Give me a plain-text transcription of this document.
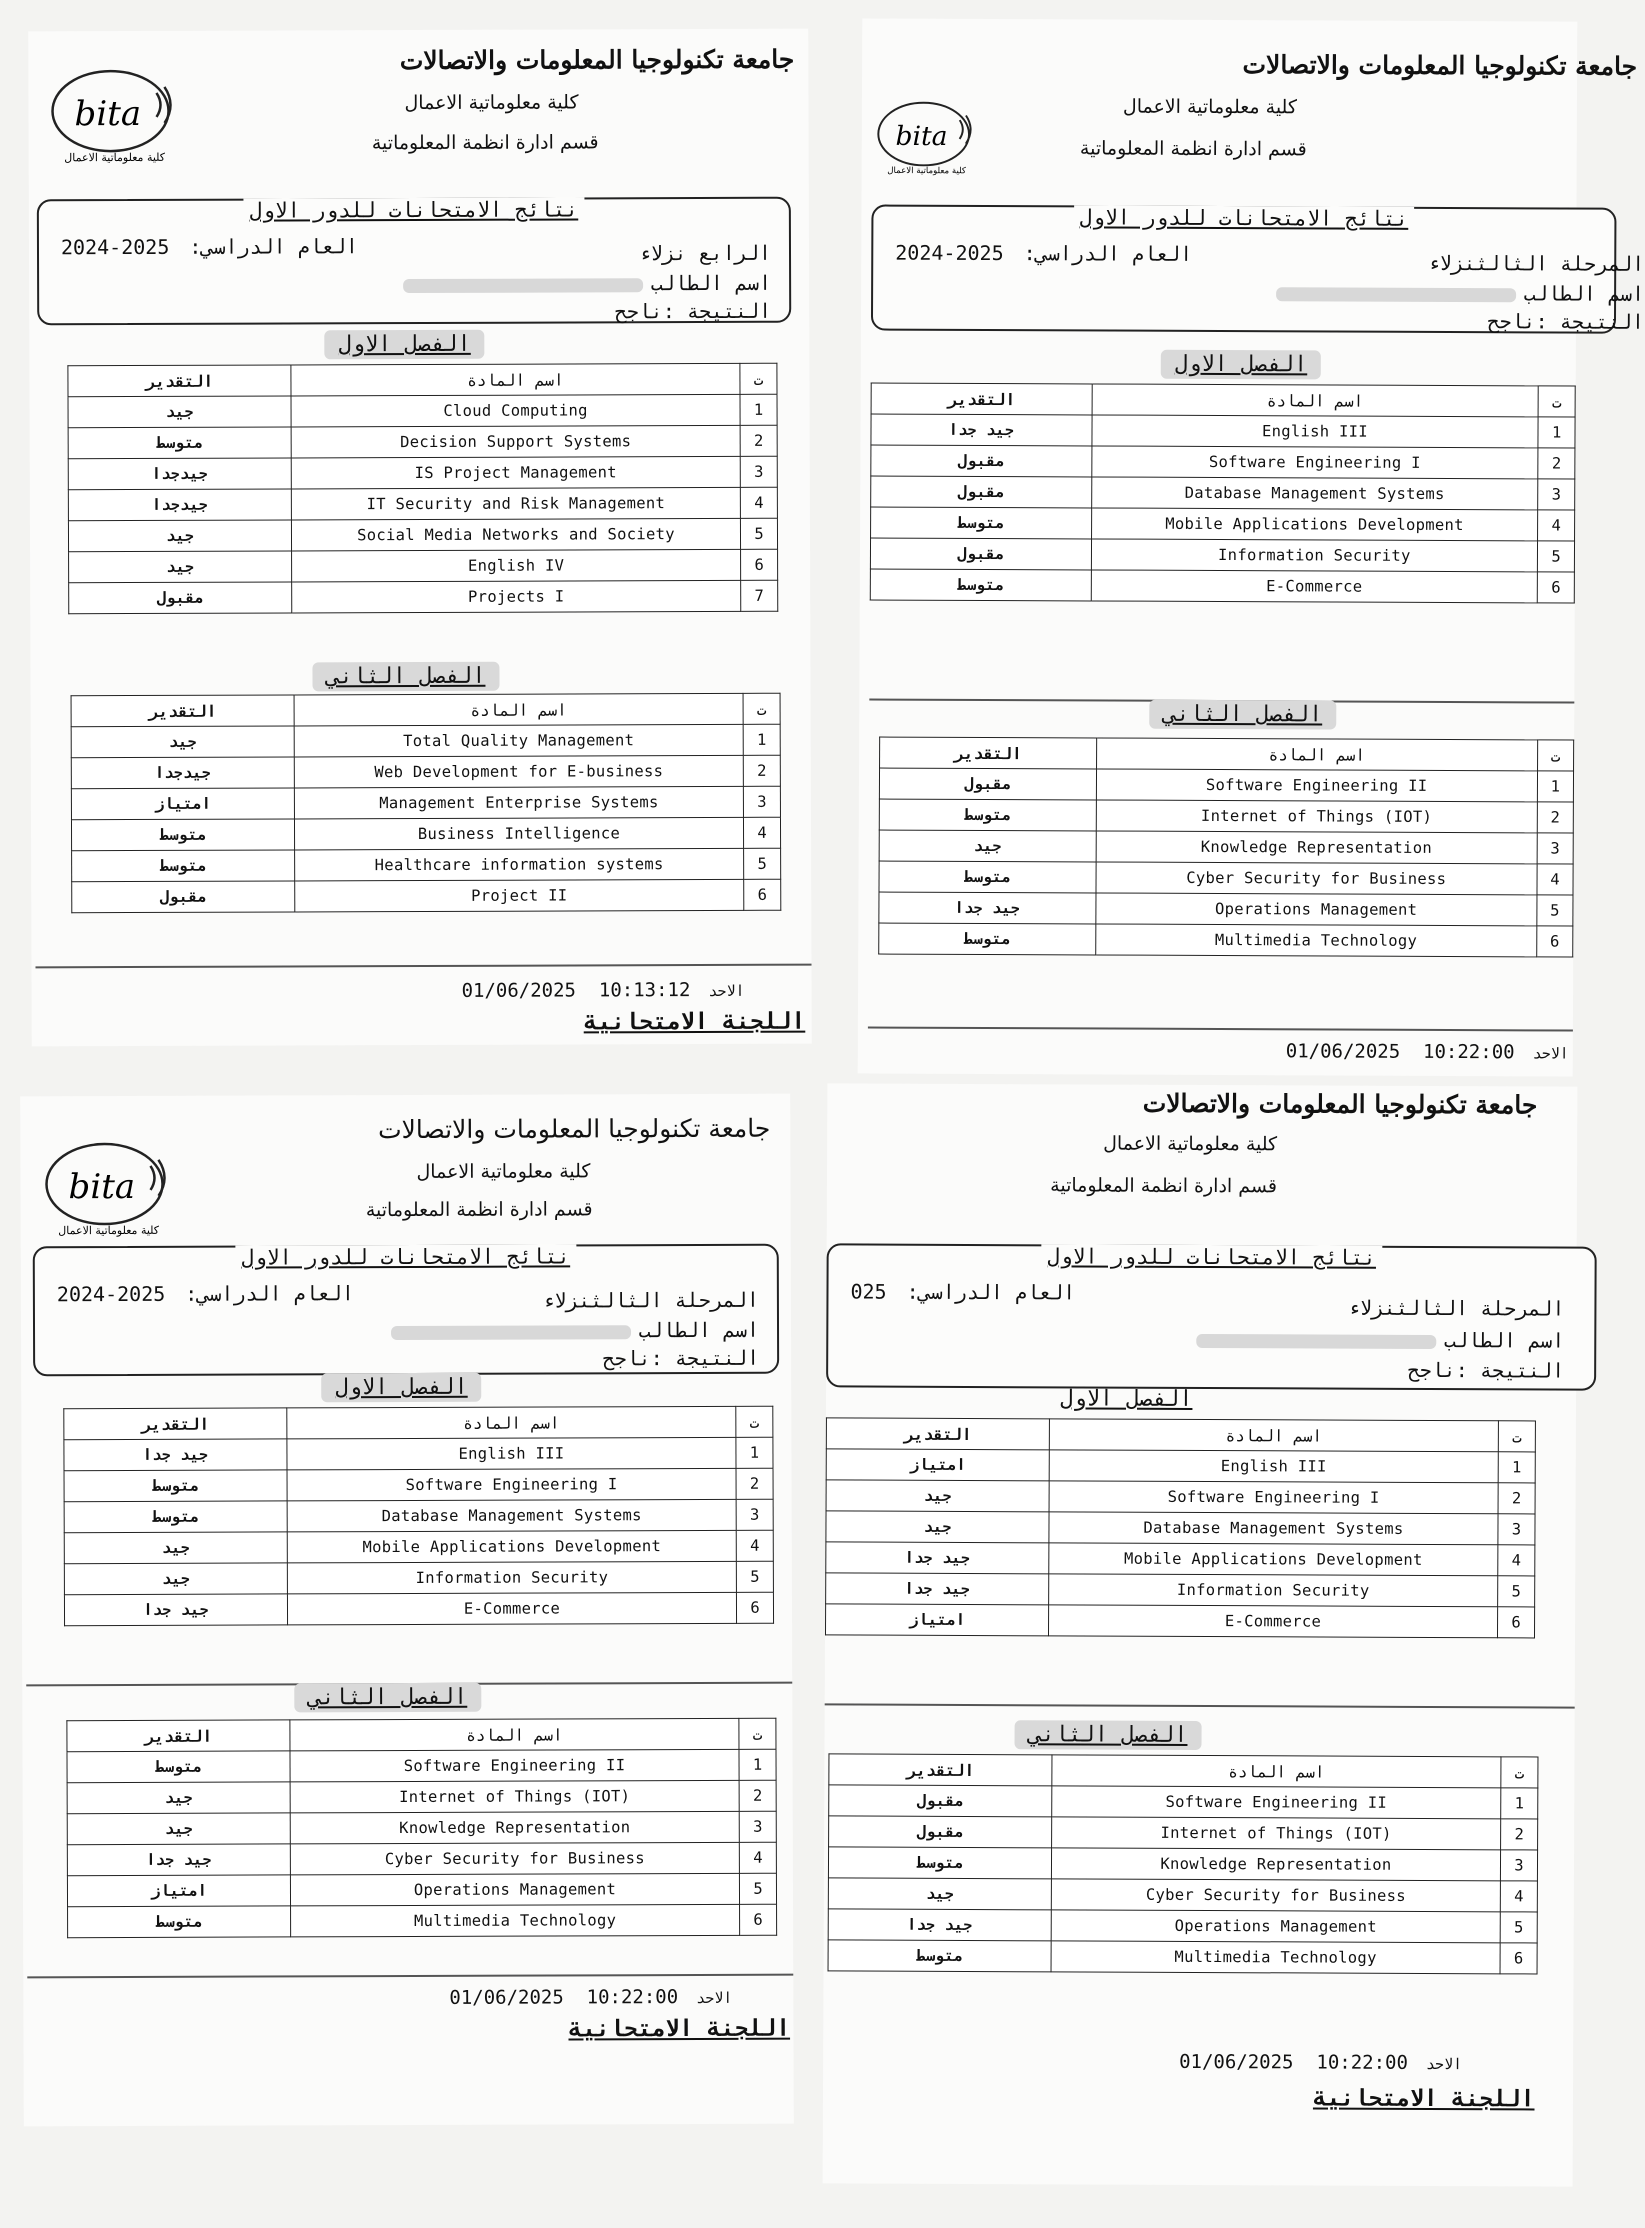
bita
كلية معلوماتية الاعمال
جامعة تكنولوجيا المعلومات والاتصالات
كلية معلوماتية الاعمال
قسم ادارة انظمة المعلوماتية
نتائج الامتحانات للدور الاول
العام الدراسي:2024-2025	الرابع نزلاء
اسم الطالب
النتيجة :ناجح
الفصل الاول
التقدير	اسم المادة	ت
جيد	Cloud Computing	1
متوسط	Decision Support Systems	2
جيدجدا	IS Project Management	3
جيدجدا	IT Security and Risk Management	4
جيد	Social Media Networks and Society	5
جيد	English IV	6
مقبول	Projects I	7
الفصل الثاني
التقدير	اسم المادة	ت
جيد	Total Quality Management	1
جيدجدا	Web Development for E-business	2
امتياز	Management Enterprise Systems	3
متوسط	Business Intelligence	4
متوسط	Healthcare information systems	5
مقبول	Project II	6
01/06/2025 10:13:12 الاحد
اللجنة الامتحانية
bita
كلية معلوماتية الاعمال
جامعة تكنولوجيا المعلومات والاتصالات
كلية معلوماتية الاعمال
قسم ادارة انظمة المعلوماتية
نتائج الامتحانات للدور الاول
العام الدراسي:2024-2025	المرحلة الثالثنزلاء
اسم الطالب
النتيجة :ناجح
الفصل الاول
التقدير	اسم المادة	ت
جيد جدا	English III	1
مقبول	Software Engineering I	2
مقبول	Database Management Systems	3
متوسط	Mobile Applications Development	4
مقبول	Information Security	5
متوسط	E-Commerce	6
الفصل الثاني
التقدير	اسم المادة	ت
مقبول	Software Engineering II	1
متوسط	Internet of Things (IOT)	2
جيد	Knowledge Representation	3
متوسط	Cyber Security for Business	4
جيد جدا	Operations Management	5
متوسط	Multimedia Technology	6
01/06/2025 10:22:00 الاحد
bita
كلية معلوماتية الاعمال
جامعة تكنولوجيا المعلومات والاتصالات
كلية معلوماتية الاعمال
قسم ادارة انظمة المعلوماتية
نتائج الامتحانات للدور الاول
العام الدراسي:2024-2025	المرحلة الثالثنزلاء
اسم الطالب
النتيجة :ناجح
الفصل الاول
التقدير	اسم المادة	ت
جيد جدا	English III	1
متوسط	Software Engineering I	2
متوسط	Database Management Systems	3
جيد	Mobile Applications Development	4
جيد	Information Security	5
جيد جدا	E-Commerce	6
الفصل الثاني
التقدير	اسم المادة	ت
متوسط	Software Engineering II	1
جيد	Internet of Things (IOT)	2
جيد	Knowledge Representation	3
جيد جدا	Cyber Security for Business	4
امتياز	Operations Management	5
متوسط	Multimedia Technology	6
01/06/2025 10:22:00 الاحد
اللجنة الامتحانية
جامعة تكنولوجيا المعلومات والاتصالات
كلية معلوماتية الاعمال
قسم ادارة انظمة المعلوماتية
نتائج الامتحانات للدور الاول
العام الدراسي:025
المرحلة الثالثنزلاء
اسم الطالب
النتيجة :ناجح
الفصل الاول
التقدير	اسم المادة	ت
امتياز	English III	1
جيد	Software Engineering I	2
جيد	Database Management Systems	3
جيد جدا	Mobile Applications Development	4
جيد جدا	Information Security	5
امتياز	E-Commerce	6
الفصل الثاني
التقدير	اسم المادة	ت
مقبول	Software Engineering II	1
مقبول	Internet of Things (IOT)	2
متوسط	Knowledge Representation	3
جيد	Cyber Security for Business	4
جيد جدا	Operations Management	5
متوسط	Multimedia Technology	6
01/06/2025 10:22:00 الاحد
اللجنة الامتحانية
